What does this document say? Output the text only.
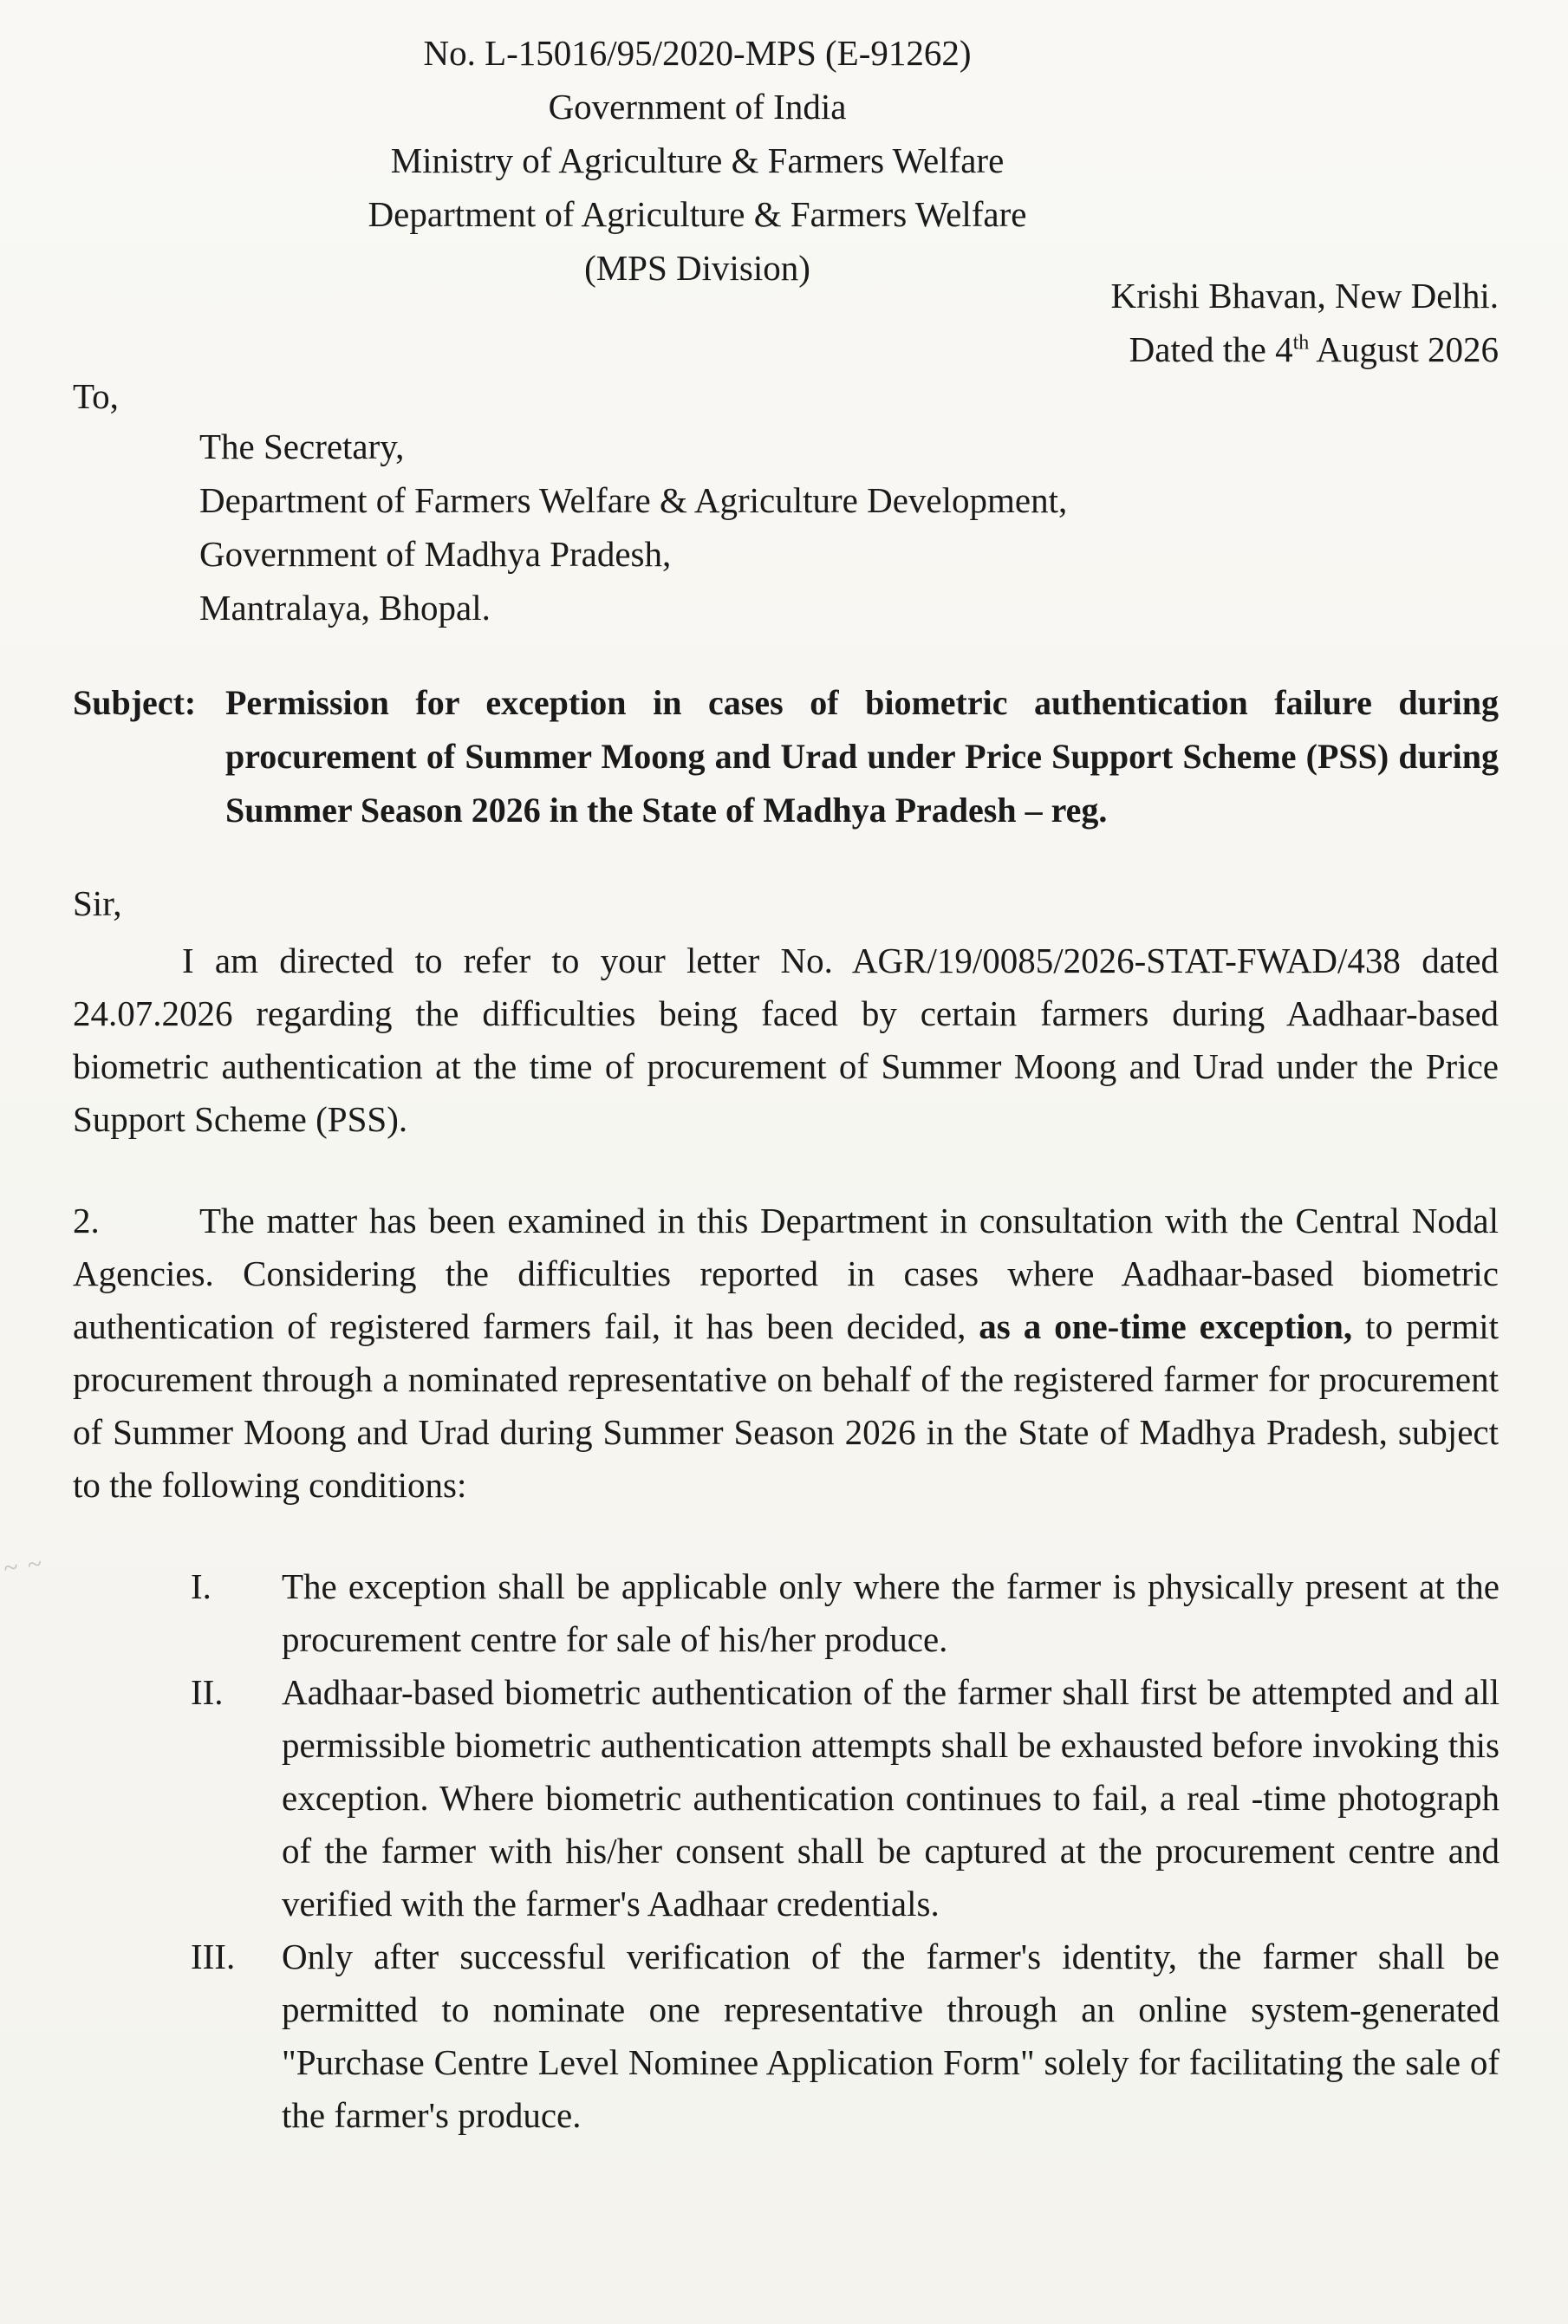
No. L-15016/95/2020-MPS (E-91262)
Government of India
Ministry of Agriculture & Farmers Welfare
Department of Agriculture & Farmers Welfare
(MPS Division)
Krishi Bhavan, New Delhi.
Dated the 4th August 2026
To,
The Secretary,
Department of Farmers Welfare & Agriculture Development,
Government of Madhya Pradesh,
Mantralaya, Bhopal.
Subject: Permission for exception in cases of biometric authentication failure during procurement of Summer Moong and Urad under Price Support Scheme (PSS) during Summer Season 2026 in the State of Madhya Pradesh – reg.
Sir,
I am directed to refer to your letter No. AGR/19/0085/2026-STAT-FWAD/438 dated 24.07.2026 regarding the difficulties being faced by certain farmers during Aadhaar-based biometric authentication at the time of procurement of Summer Moong and Urad under the Price Support Scheme (PSS).
2.	The matter has been examined in this Department in consultation with the Central Nodal Agencies. Considering the difficulties reported in cases where Aadhaar-based biometric authentication of registered farmers fail, it has been decided, as a one-time exception, to permit procurement through a nominated representative on behalf of the registered farmer for procurement of Summer Moong and Urad during Summer Season 2026 in the State of Madhya Pradesh, subject to the following conditions:
~ ~
I. The exception shall be applicable only where the farmer is physically present at the procurement centre for sale of his/her produce.
II. Aadhaar-based biometric authentication of the farmer shall first be attempted and all permissible biometric authentication attempts shall be exhausted before invoking this exception. Where biometric authentication continues to fail, a real -time photograph of the farmer with his/her consent shall be captured at the procurement centre and verified with the farmer's Aadhaar credentials.
III. Only after successful verification of the farmer's identity, the farmer shall be permitted to nominate one representative through an online system-generated "Purchase Centre Level Nominee Application Form" solely for facilitating the sale of the farmer's produce.
